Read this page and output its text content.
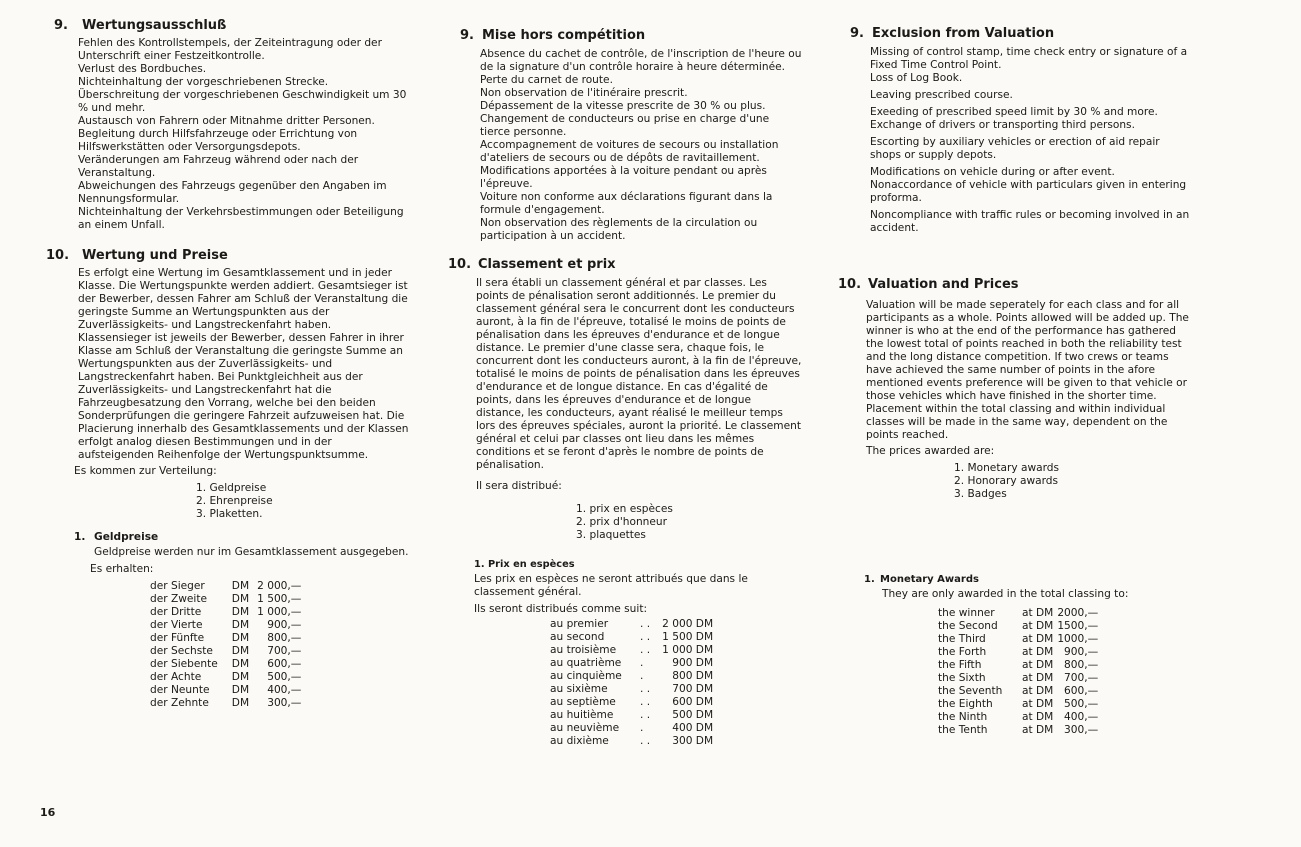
9. Wertungsausschluß

Fehlen des Kontrollstempels, der Zeiteintragung oder der Unterschrift einer Festzeitkontrolle.

Verlust des Bordbuches.

Nichteinhaltung der vorgeschriebenen Strecke.

Überschreitung der vorgeschriebenen Geschwindigkeit um 30 % und mehr.

Austausch von Fahrern oder Mitnahme dritter Personen.

Begleitung durch Hilfsfahrzeuge oder Errichtung von Hilfswerkstätten oder Versorgungsdepots.

Veränderungen am Fahrzeug während oder nach der Veranstaltung.

Abweichungen des Fahrzeugs gegenüber den Angaben im Nennungsformular.

Nichteinhaltung der Verkehrsbestimmungen oder Beteiligung an einem Unfall.

10. Wertung und Preise

Es erfolgt eine Wertung im Gesamtklassement und in jeder Klasse. Die Wertungspunkte werden addiert. Gesamtsieger ist der Bewerber, dessen Fahrer am Schluß der Veranstaltung die geringste Summe an Wertungspunkten aus der Zuverlässigkeits- und Langstreckenfahrt haben.

Klassensieger ist jeweils der Bewerber, dessen Fahrer in ihrer Klasse am Schluß der Veranstaltung die geringste Summe an Wertungspunkten aus der Zuverlässigkeits- und Langstreckenfahrt haben. Bei Punktgleichheit aus der Zuverlässigkeits- und Langstreckenfahrt hat die Fahrzeugbesatzung den Vorrang, welche bei den beiden Sonderprüfungen die geringere Fahrzeit aufzuweisen hat. Die Placierung innerhalb des Gesamtklassements und der Klassen erfolgt analog diesen Bestimmungen und in der aufsteigenden Reihenfolge der Wertungspunktsumme.

Es kommen zur Verteilung:

1. Geldpreise

2. Ehrenpreise

3. Plaketten.

1. Geldpreise

Geldpreise werden nur im Gesamtklassement ausgegeben.

Es erhalten:

der Sieger	DM	2 000,—
der Zweite	DM	1 500,—
der Dritte	DM	1 000,—
der Vierte	DM	900,—
der Fünfte	DM	800,—
der Sechste	DM	700,—
der Siebente	DM	600,—
der Achte	DM	500,—
der Neunte	DM	400,—
der Zehnte	DM	300,—
9. Mise hors compétition

Absence du cachet de contrôle, de l'inscription de l'heure ou de la signature d'un contrôle horaire à heure déterminée.

Perte du carnet de route.

Non observation de l'itinéraire prescrit.

Dépassement de la vitesse prescrite de 30 % ou plus.

Changement de conducteurs ou prise en charge d'une tierce personne.

Accompagnement de voitures de secours ou installation d'ateliers de secours ou de dépôts de ravitaillement.

Modifications apportées à la voiture pendant ou après l'épreuve.

Voiture non conforme aux déclarations figurant dans la formule d'engagement.

Non observation des règlements de la circulation ou participation à un accident.

10. Classement et prix

Il sera établi un classement général et par classes. Les points de pénalisation seront additionnés. Le premier du classement général sera le concurrent dont les conducteurs auront, à la fin de l'épreuve, totalisé le moins de points de pénalisation dans les épreuves d'endurance et de longue distance. Le premier d'une classe sera, chaque fois, le concurrent dont les conducteurs auront, à la fin de l'épreuve, totalisé le moins de points de pénalisation dans les épreuves d'endurance et de longue distance. En cas d'égalité de points, dans les épreuves d'endurance et de longue distance, les conducteurs, ayant réalisé le meilleur temps lors des épreuves spéciales, auront la priorité. Le classement général et celui par classes ont lieu dans les mêmes conditions et se feront d'après le nombre de points de pénalisation.

Il sera distribué:

1. prix en espèces

2. prix d'honneur

3. plaquettes

1. Prix en espèces

Les prix en espèces ne seront attribués que dans le classement général.

Ils seront distribués comme suit:

au premier	. .	2 000 DM
au second	. .	1 500 DM
au troisième	. .	1 000 DM
au quatrième	.	900 DM
au cinquième	.	800 DM
au sixième	. .	700 DM
au septième	. .	600 DM
au huitième	. .	500 DM
au neuvième	.	400 DM
au dixième	. .	300 DM
9. Exclusion from Valuation

Missing of control stamp, time check entry or signature of a Fixed Time Control Point.

Loss of Log Book.

Leaving prescribed course.

Exeeding of prescribed speed limit by 30 % and more.

Exchange of drivers or transporting third persons.

Escorting by auxiliary vehicles or erection of aid repair shops or supply depots.

Modifications on vehicle during or after event.

Nonaccordance of vehicle with particulars given in entering proforma.

Noncompliance with traffic rules or becoming involved in an accident.

10. Valuation and Prices

Valuation will be made seperately for each class and for all participants as a whole. Points allowed will be added up. The winner is who at the end of the performance has gathered the lowest total of points reached in both the reliability test and the long distance competition. If two crews or teams have achieved the same number of points in the afore mentioned events preference will be given to that vehicle or those vehicles which have finished in the shorter time. Placement within the total classing and within individual classes will be made in the same way, dependent on the points reached.

The prices awarded are:

1. Monetary awards

2. Honorary awards

3. Badges

1. Monetary Awards

They are only awarded in the total classing to:

the winner	at DM	2000,—
the Second	at DM	1500,—
the Third	at DM	1000,—
the Forth	at DM	900,—
the Fifth	at DM	800,—
the Sixth	at DM	700,—
the Seventh	at DM	600,—
the Eighth	at DM	500,—
the Ninth	at DM	400,—
the Tenth	at DM	300,—
16
